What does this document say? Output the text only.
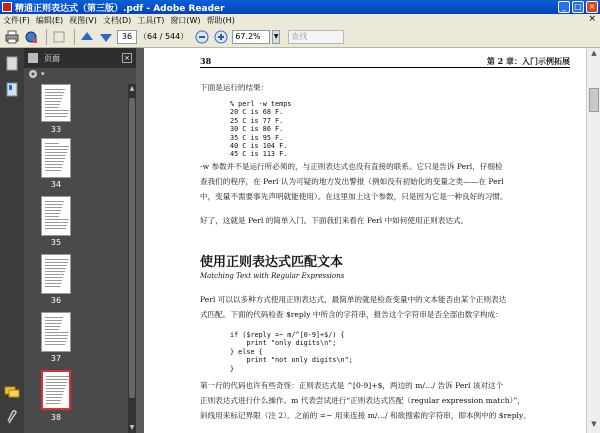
精通正则表达式（第三版）.pdf - Adobe Reader	_	□ ×
文件(F) 编辑(E) 视图(V) 文档(D) 工具(T) 窗口(W) 帮助(H)	×
36 （64 / 544）	67.2%	▼	查找
页面	×
▾
33
34
35
36
37
38
▲
▼
38	第 2 章：入门示例拓展
下面是运行的结果：
% perl -w temps
20 C is 68 F.
25 C is 77 F.
30 C is 86 F.
35 C is 95 F.
40 C is 104 F.
45 C is 113 F.
-w 参数并不是运行所必须的，与正则表达式也没有直接的联系。它只是告诉 Perl，仔细检
查我们的程序，在 Perl 认为可疑的地方发出警报（例如没有初始化的变量之类——在 Perl
中，变量不需要事先声明就能使用）。在这里加上这个参数，只是因为它是一种良好的习惯。
好了，这就是 Perl 的简单入门。下面我们来看在 Perl 中如何使用正则表达式。
使用正则表达式匹配文本
Matching Text with Regular Expressions
Perl 可以以多种方式使用正则表达式，最简单的就是检查变量中的文本能否由某个正则表达
式匹配。下面的代码检查 $reply 中所含的字符串，报告这个字符串是否全部由数字构成：
if ($reply =~ m/^[0-9]+$/) {
print "only digits\n";
} else {
print "not only digits\n";
}
第一行的代码也许有些奇怪：正则表达式是 ^[0-9]+$，两边的 m/…/ 告诉 Perl 该对这个
正则表达式进行什么操作。m 代表尝试进行“正则表达式匹配（regular expression match）”，
斜线用来标记界限（注 2）。之前的 =~ 用来连接 m/…/ 和欲搜索的字符串，即本例中的 $reply。
▲
▼
